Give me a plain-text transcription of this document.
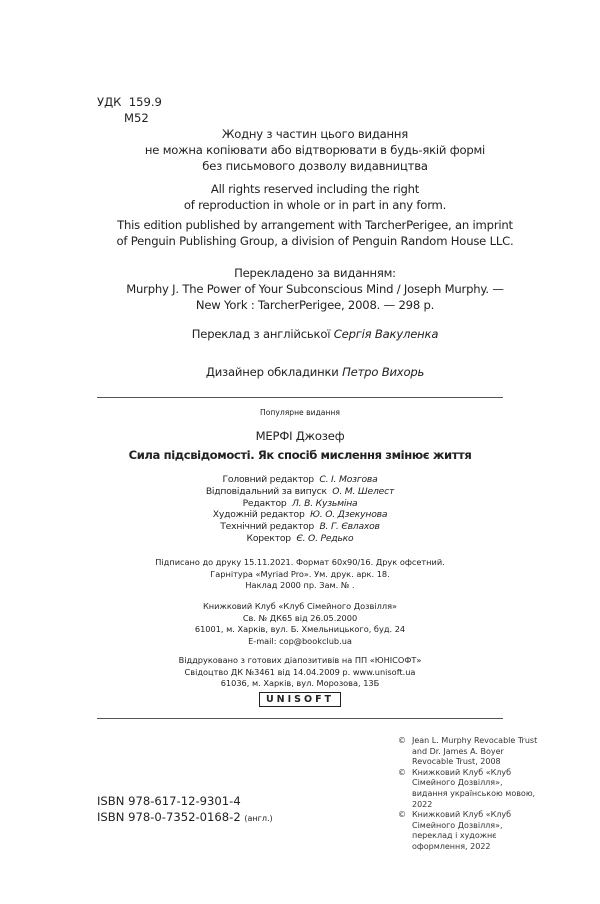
УДК 159.9
М52
Жодну з частин цього видання
не можна копіювати або відтворювати в будь-якій формі
без письмового дозволу видавництва
All rights reserved including the right
of reproduction in whole or in part in any form.
This edition published by arrangement with TarcherPerigee, an imprint
of Penguin Publishing Group, a division of Penguin Random House LLC.
Перекладено за виданням:
Murphy J. The Power of Your Subconscious Mind / Joseph Murphy. —
New York : TarcherPerigee, 2008. — 298 p.
Переклад з англійської Сергія Вакуленка
Дизайнер обкладинки Петро Вихорь
Популярне видання
МЕРФІ Джозеф
Сила підсвідомості. Як спосіб мислення змінює життя
Головний редактор С. І. Мозгова
Відповідальний за випуск О. М. Шелест
Редактор Л. В. Кузьміна
Художній редактор Ю. О. Дзекунова
Технічний редактор В. Г. Євлахов
Коректор Є. О. Редько
Підписано до друку 15.11.2021. Формат 60х90/16. Друк офсетний.
Гарнітура «Myriad Pro». Ум. друк. арк. 18.
Наклад 2000 пр. Зам. № .
Книжковий Клуб «Клуб Сімейного Дозвілля»
Св. № ДК65 від 26.05.2000
61001, м. Харків, вул. Б. Хмельницького, буд. 24
E-mail: cop@bookclub.ua
Віддруковано з готових діапозитивів на ПП «ЮНІСОФТ»
Свідоцтво ДК №3461 від 14.04.2009 р. www.unisoft.ua
61036, м. Харків, вул. Морозова, 13Б
UNISOFT
© Jean L. Murphy Revocable Trust and Dr. James A. Boyer Revocable Trust, 2008
© Книжковий Клуб «Клуб Сімейного Дозвілля», видання українською мовою, 2022
© Книжковий Клуб «Клуб Сімейного Дозвілля», переклад і художнє оформлення, 2022
ISBN 978-617-12-9301-4
ISBN 978-0-7352-0168-2 (англ.)
